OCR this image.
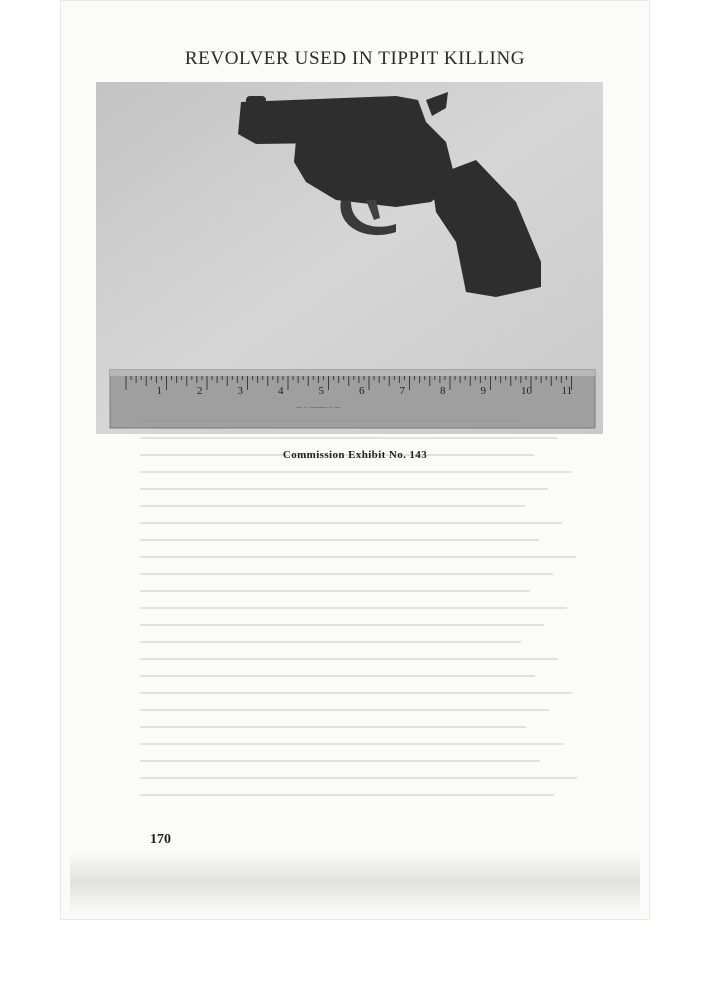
REVOLVER USED IN TIPPIT KILLING
1	2	3	4	5	6	7	8	9	10	11
— ·· ——— ·· —
Commission Exhibit No. 143
170
